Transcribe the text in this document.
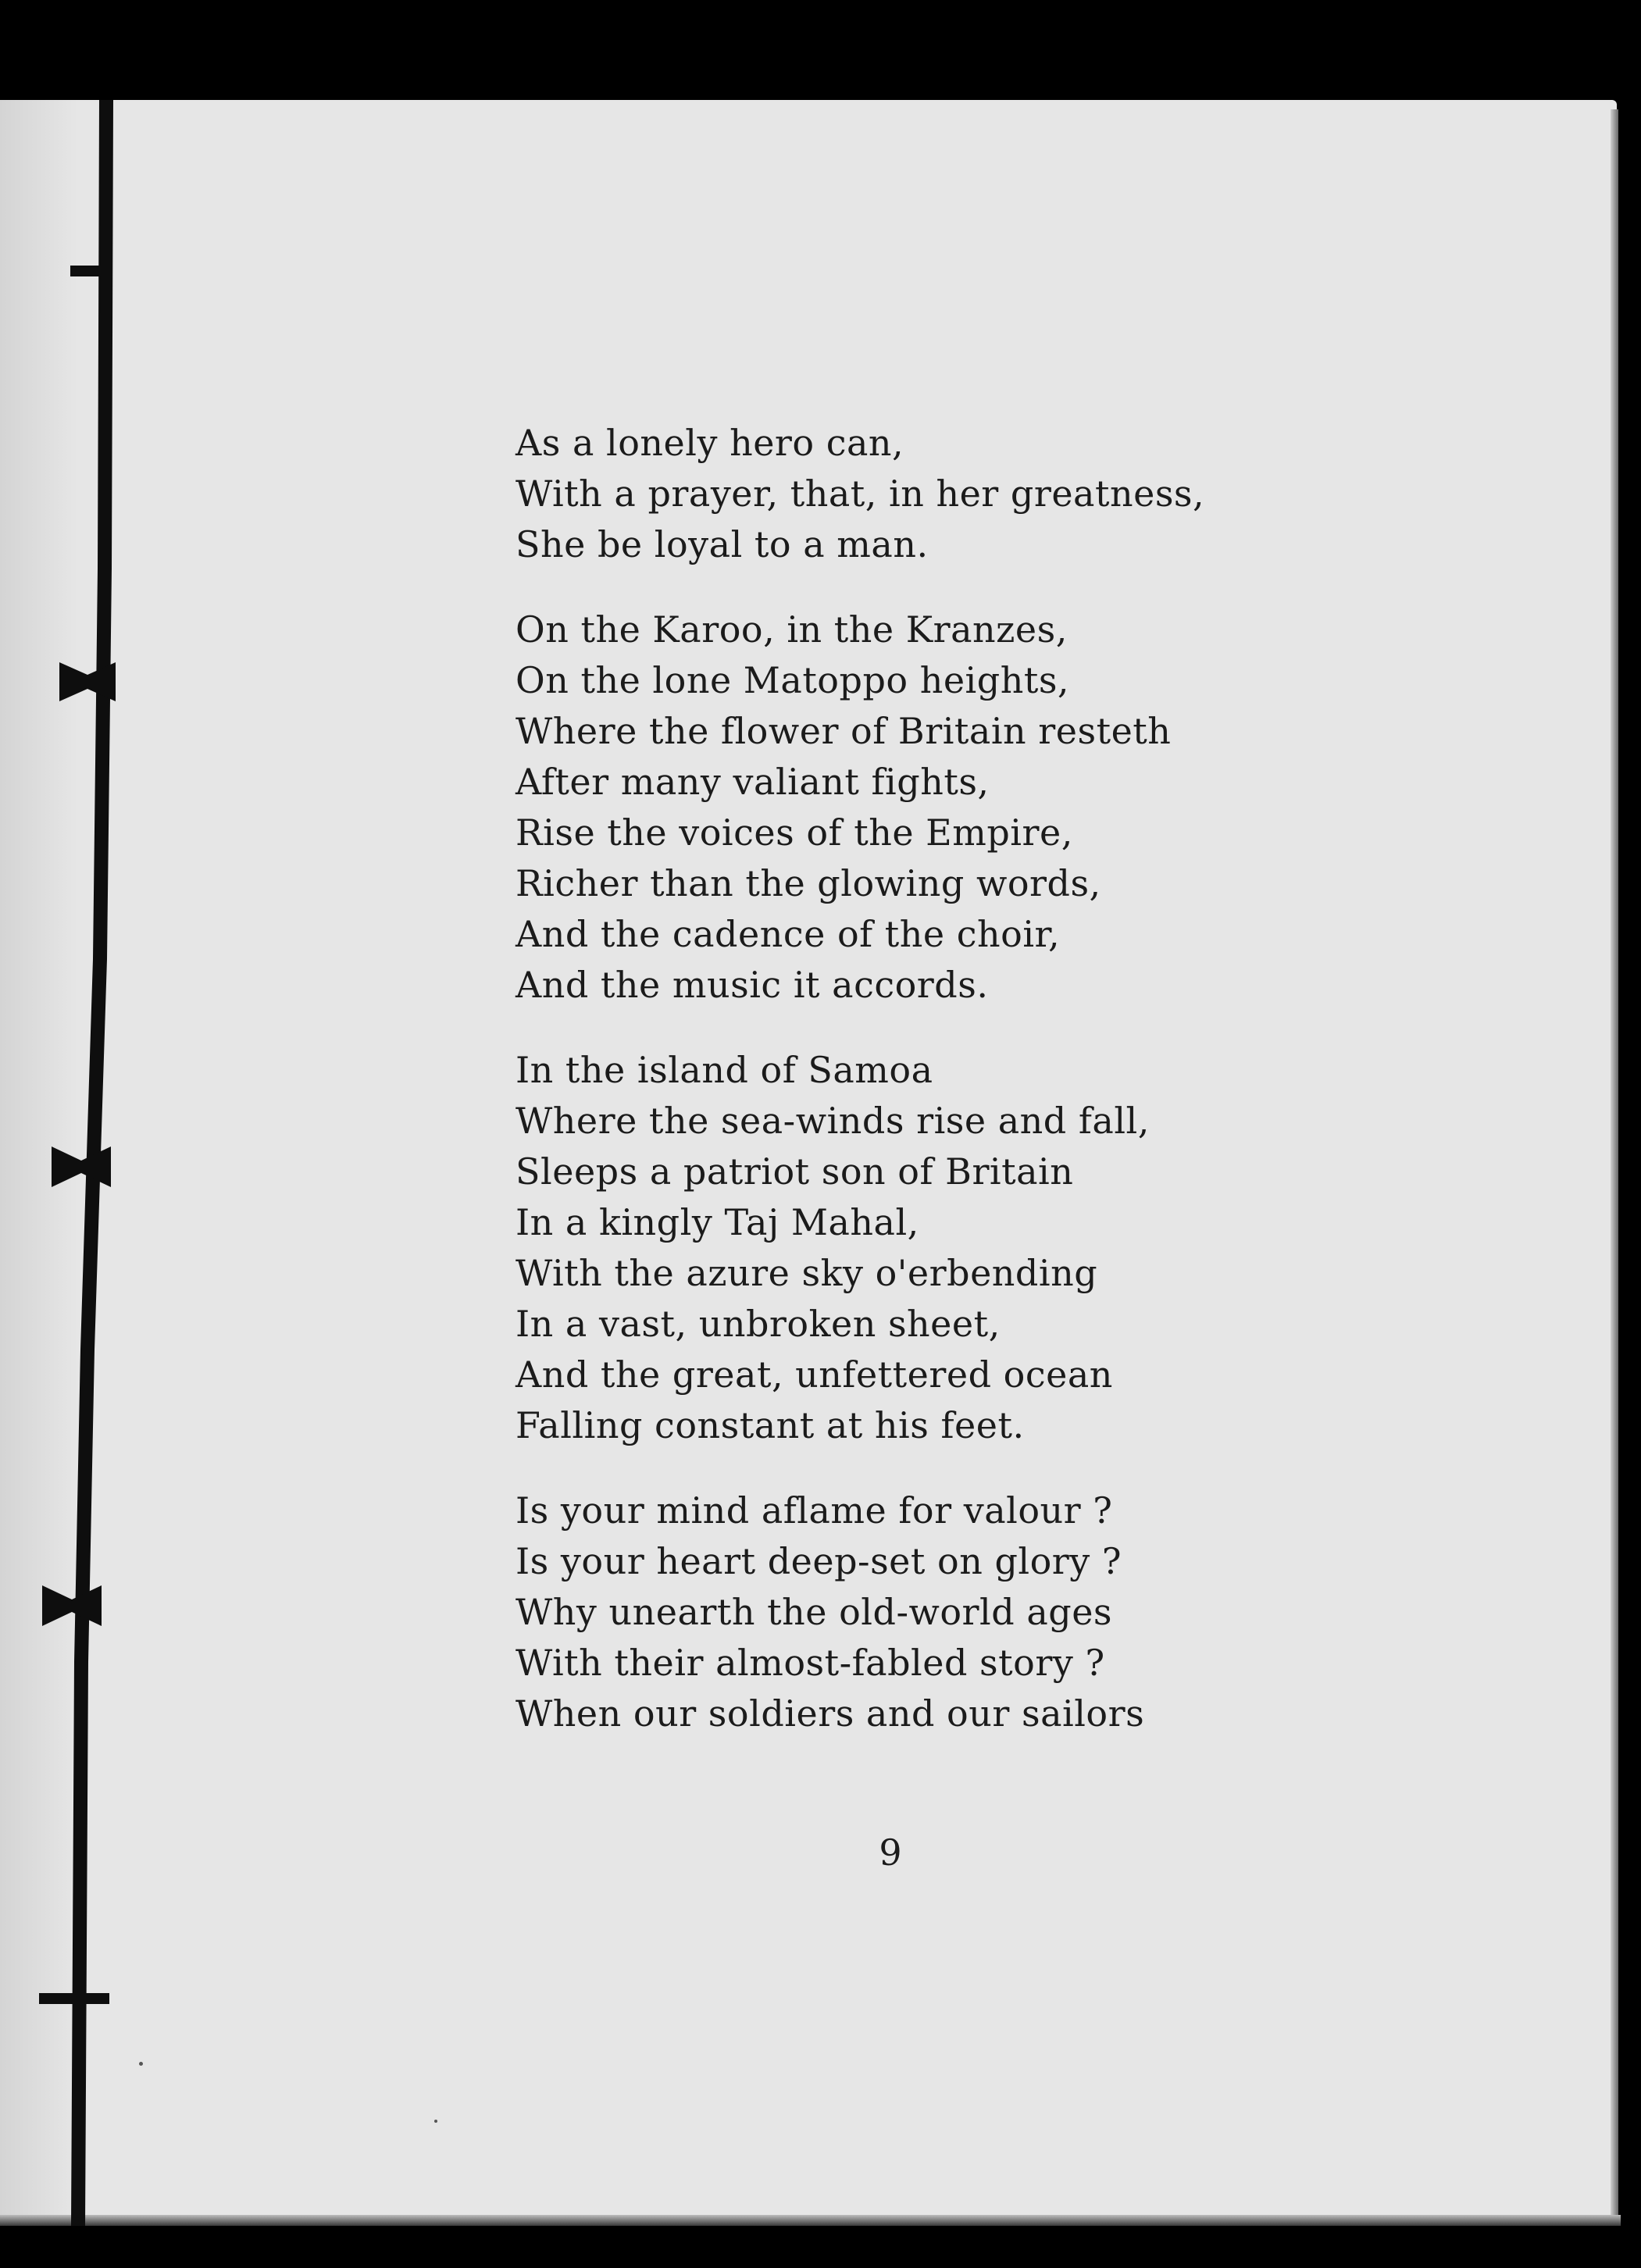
As a lonely hero can,
With a prayer, that, in her greatness,
She be loyal to a man.
On the Karoo, in the Kranzes,
On the lone Matoppo heights,
Where the flower of Britain resteth
After many valiant fights,
Rise the voices of the Empire,
Richer than the glowing words,
And the cadence of the choir,
And the music it accords.
In the island of Samoa
Where the sea-winds rise and fall,
Sleeps a patriot son of Britain
In a kingly Taj Mahal,
With the azure sky o'erbending
In a vast, unbroken sheet,
And the great, unfettered ocean
Falling constant at his feet.
Is your mind aflame for valour ?
Is your heart deep-set on glory ?
Why unearth the old-world ages
With their almost-fabled story ?
When our soldiers and our sailors
9
